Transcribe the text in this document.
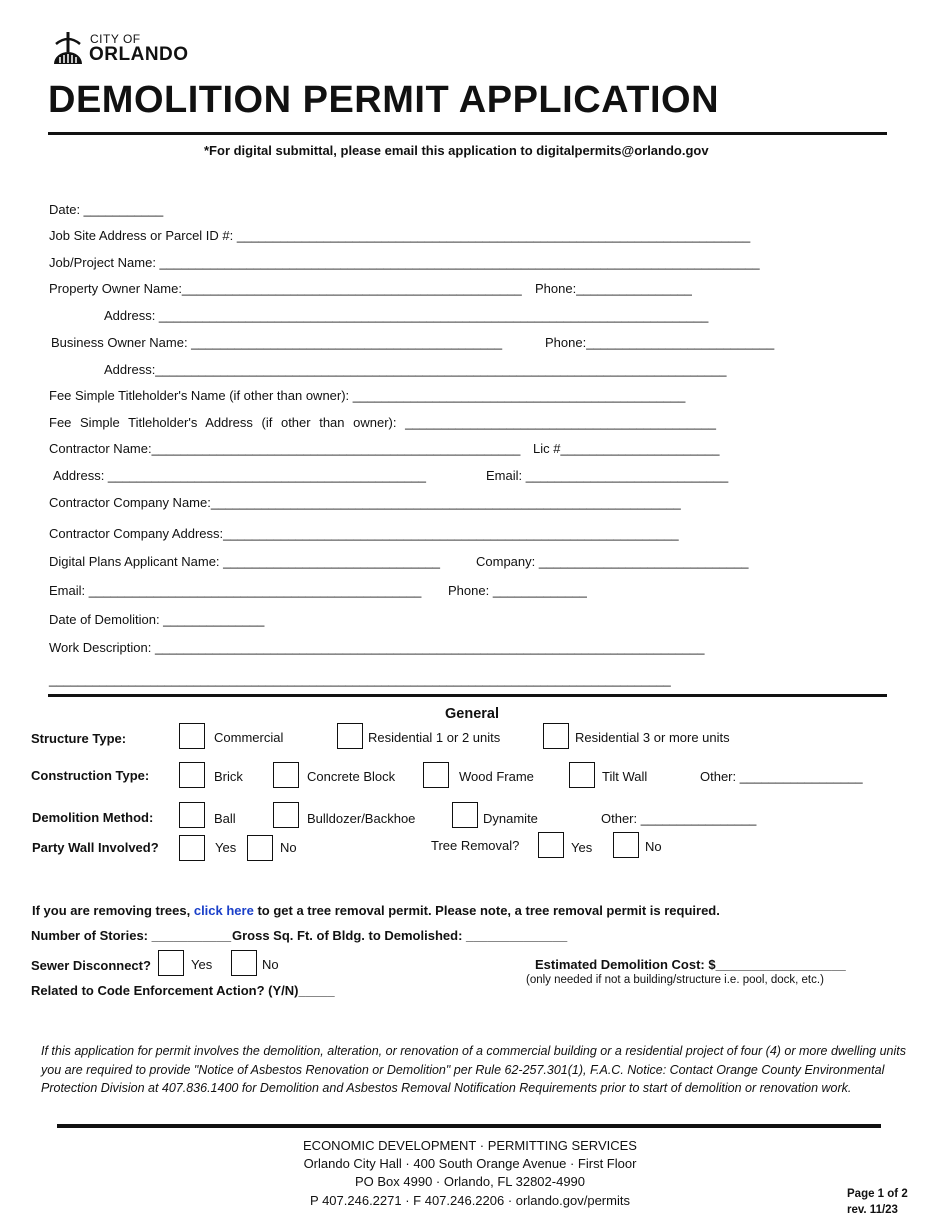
CITY OF
ORLANDO
DEMOLITION PERMIT APPLICATION
*For digital submittal, please email this application to digitalpermits@orlando.gov
Date: ___________
Job Site Address or Parcel ID #: _______________________________________________________________________
Job/Project Name: ___________________________________________________________________________________
Property Owner Name:_______________________________________________ Phone:________________
Address: ____________________________________________________________________________
Business Owner Name: ___________________________________________	Phone:__________________________
Address:_______________________________________________________________________________
Fee Simple Titleholder's Name (if other than owner): ______________________________________________
Fee Simple Titleholder's Address (if other than owner): ___________________________________________
Contractor Name:___________________________________________________ Lic #______________________
Address: ____________________________________________	Email: ____________________________
Contractor Company Name:_________________________________________________________________
Contractor Company Address:_______________________________________________________________
Digital Plans Applicant Name: ______________________________	Company: _____________________________
Email: ______________________________________________ Phone: _____________
Date of Demolition: ______________
Work Description: ____________________________________________________________________________
______________________________________________________________________________________
General
Structure Type:	Commercial	Residential 1 or 2 units	Residential 3 or more units
Construction Type:	Brick	Concrete Block	Wood Frame	Tilt Wall	Other: _________________
Demolition Method:	Ball	Bulldozer/Backhoe	Dynamite	Other: ________________
Party Wall Involved?	Yes	No	Tree Removal?	Yes	No
If you are removing trees, click here to get a tree removal permit. Please note, a tree removal permit is required.
Number of Stories: ___________ Gross Sq. Ft. of Bldg. to Demolished: ______________
Sewer Disconnect?	Yes	No	Estimated Demolition Cost: $__________________
(only needed if not a building/structure i.e. pool, dock, etc.)
Related to Code Enforcement Action? (Y/N)_____
If this application for permit involves the demolition, alteration, or renovation of a commercial building or a residential project of four (4) or more dwelling units you are required to provide "Notice of Asbestos Renovation or Demolition" per Rule 62-257.301(1), F.A.C. Notice: Contact Orange County Environmental Protection Division at 407.836.1400 for Demolition and Asbestos Removal Notification Requirements prior to start of demolition or renovation work.
ECONOMIC DEVELOPMENT · PERMITTING SERVICES
Orlando City Hall · 400 South Orange Avenue · First Floor
PO Box 4990 · Orlando, FL 32802-4990
P 407.246.2271 · F 407.246.2206 · orlando.gov/permits	Page 1 of 2
rev. 11/23
